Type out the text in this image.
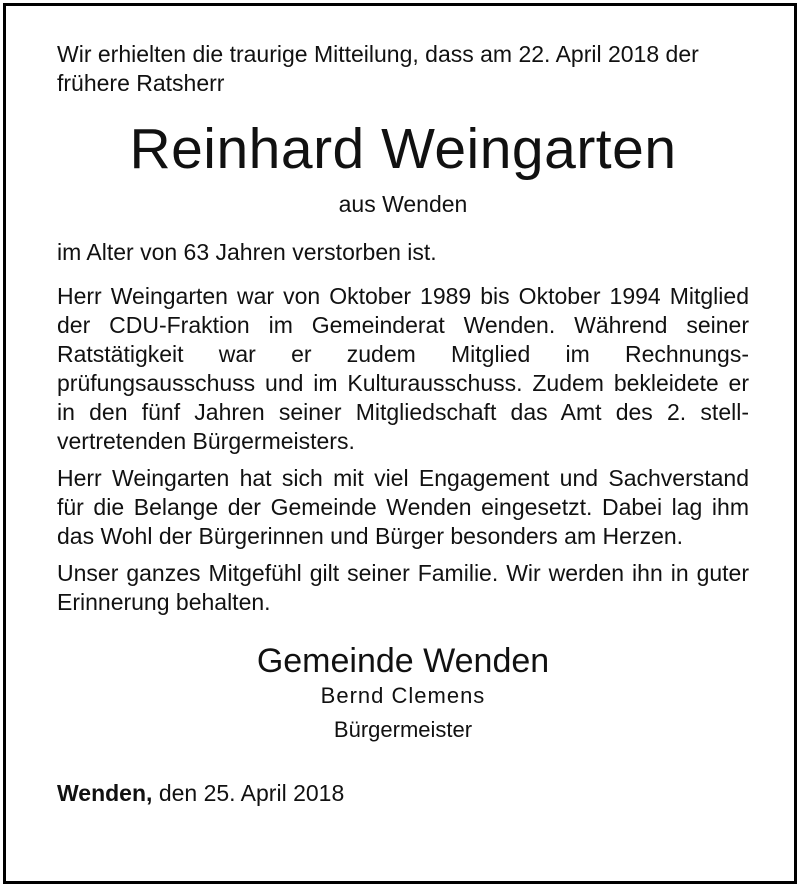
Wir erhielten die traurige Mitteilung, dass am 22. April 2018 der frühere Ratsherr

Reinhard Weingarten

aus Wenden

im Alter von 63 Jahren verstorben ist.

Herr Weingarten war von Oktober 1989 bis Oktober 1994 Mitglied der CDU-Fraktion im Gemeinderat Wenden. Während seiner Ratstätigkeit war er zudem Mitglied im Rechnungsprüfungsausschuss und im Kulturausschuss. Zudem bekleidete er in den fünf Jahren seiner Mitgliedschaft das Amt des 2. stellvertretenden Bürgermeisters.

Herr Weingarten hat sich mit viel Engagement und Sachverstand für die Belange der Gemeinde Wenden eingesetzt. Dabei lag ihm das Wohl der Bürgerinnen und Bürger besonders am Herzen.

Unser ganzes Mitgefühl gilt seiner Familie. Wir werden ihn in guter Erinnerung behalten.

Gemeinde Wenden

Bernd Clemens

Bürgermeister

Wenden, den 25. April 2018
